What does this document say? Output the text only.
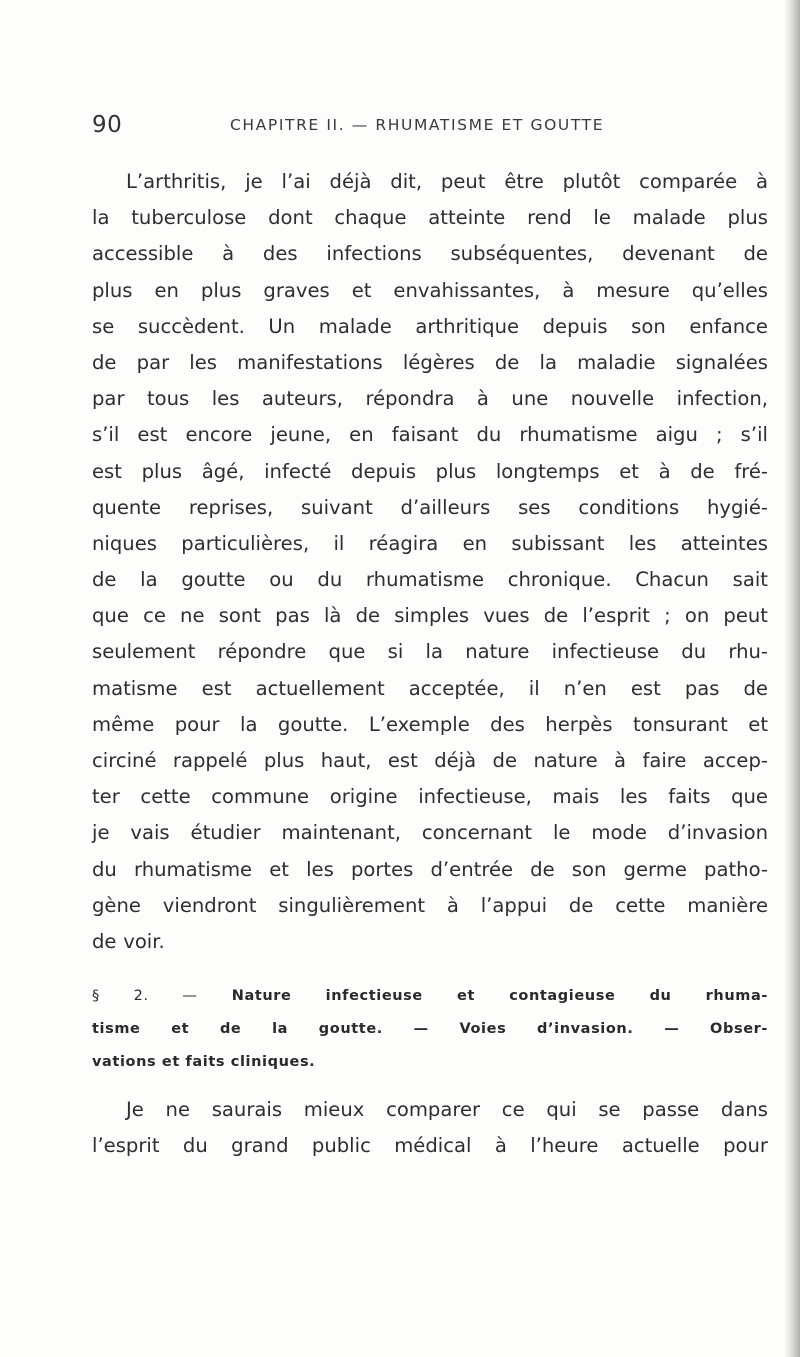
90	CHAPITRE II. — RHUMATISME ET GOUTTE
L’arthritis, je l’ai déjà dit, peut être plutôt comparée à
la tuberculose dont chaque atteinte rend le malade plus
accessible à des infections subséquentes, devenant de
plus en plus graves et envahissantes, à mesure qu’elles
se succèdent. Un malade arthritique depuis son enfance
de par les manifestations légères de la maladie signalées
par tous les auteurs, répondra à une nouvelle infection,
s’il est encore jeune, en faisant du rhumatisme aigu ; s’il
est plus âgé, infecté depuis plus longtemps et à de fré-
quente reprises, suivant d’ailleurs ses conditions hygié-
niques particulières, il réagira en subissant les atteintes
de la goutte ou du rhumatisme chronique. Chacun sait
que ce ne sont pas là de simples vues de l’esprit ; on peut
seulement répondre que si la nature infectieuse du rhu-
matisme est actuellement acceptée, il n’en est pas de
même pour la goutte. L’exemple des herpès tonsurant et
circiné rappelé plus haut, est déjà de nature à faire accep-
ter cette commune origine infectieuse, mais les faits que
je vais étudier maintenant, concernant le mode d’invasion
du rhumatisme et les portes d’entrée de son germe patho-
gène viendront singulièrement à l’appui de cette manière
de voir.
§ 2. — Nature infectieuse et contagieuse du rhuma-
tisme et de la goutte. — Voies d’invasion. — Obser-
vations et faits cliniques.
Je ne saurais mieux comparer ce qui se passe dans
l’esprit du grand public médical à l’heure actuelle pour
